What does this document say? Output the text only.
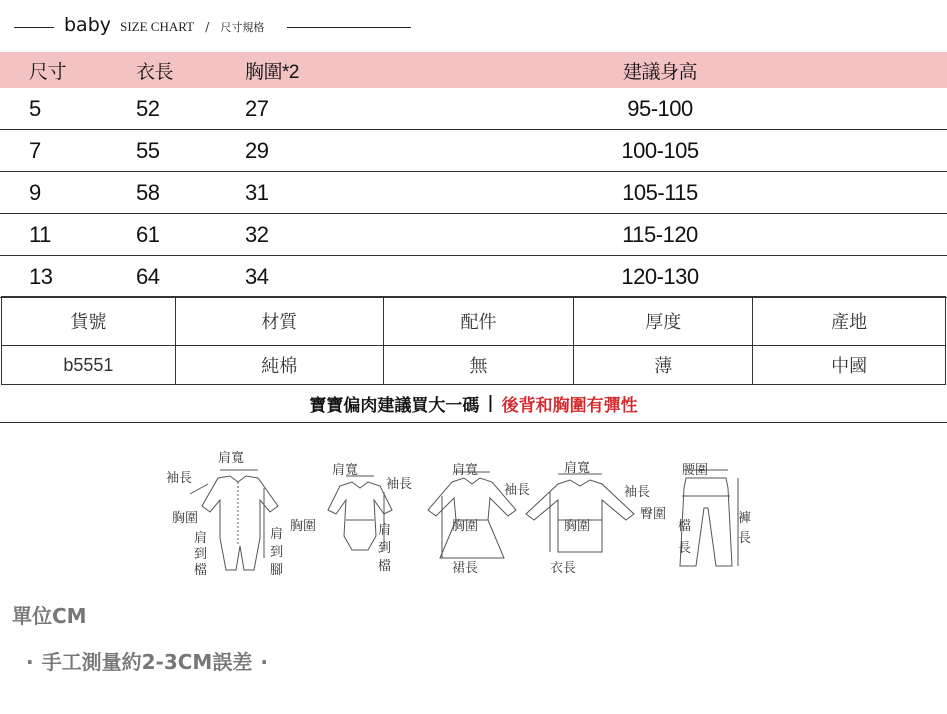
baby SIZE CHART / 尺寸規格
尺寸	衣長	胸圍*2	建議身高
5	52	27	95-100
7	55	29	100-105
9	58	31	105-115
11	61	32	115-120
13	64	34	120-130
貨號	材質	配件	厚度	產地
b5551	純棉	無	薄	中國
寶寶偏肉建議買大一碼 | 後背和胸圍有彈性
肩寬
袖長
胸圍
肩
到
檔
肩
到
腳
肩寬
袖長
胸圍	肩
到
檔
肩寬
袖長
胸圍
裙長
肩寬
袖長
胸圍
衣長
腰圍
臀圍
檔
長
褲
長
單位CM
· 手工測量約2-3CM誤差 ·
